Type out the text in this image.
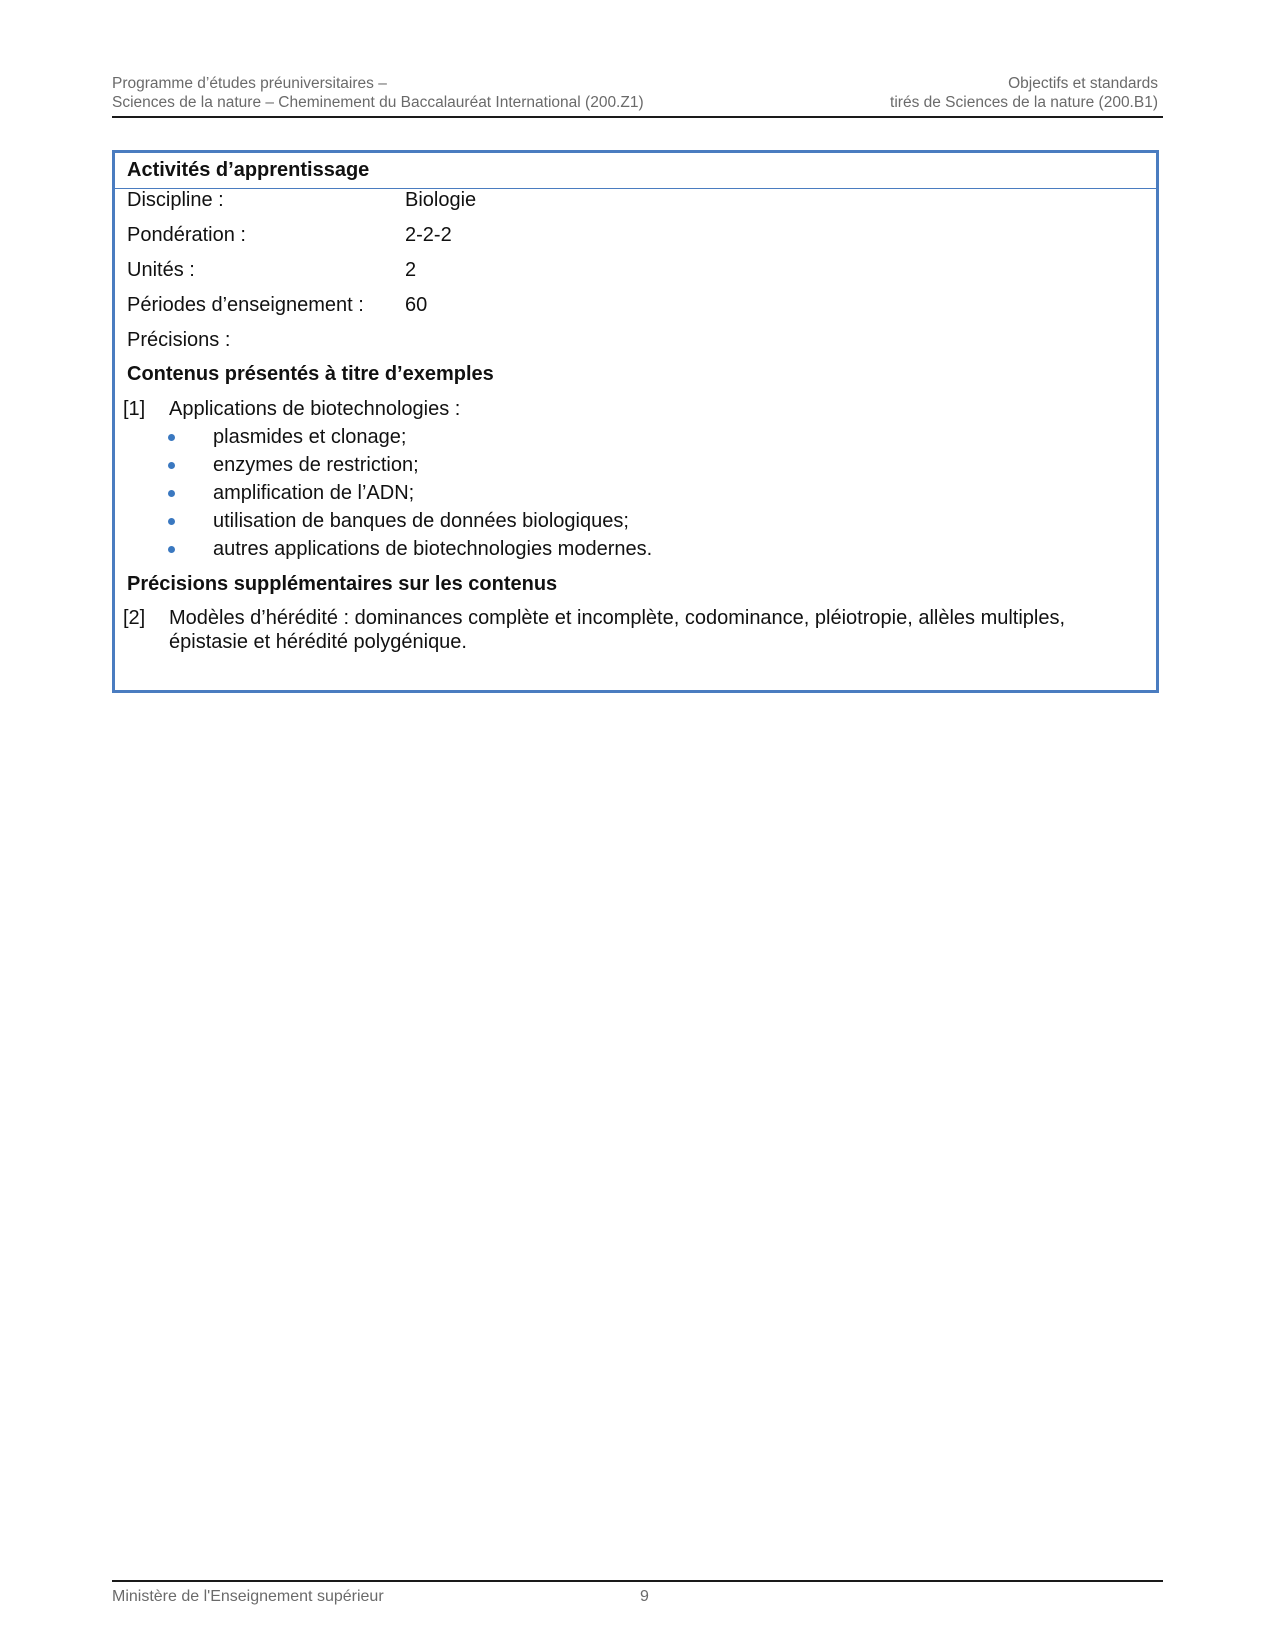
Programme d’études préuniversitaires –
Sciences de la nature – Cheminement du Baccalauréat International (200.Z1)
Objectifs et standards
tirés de Sciences de la nature (200.B1)
Activités d’apprentissage
Discipline :	Biologie
Pondération :	2-2-2
Unités :	2
Périodes d’enseignement : 60
Précisions :
Contenus présentés à titre d’exemples
[1] Applications de biotechnologies :
plasmides et clonage;
enzymes de restriction;
amplification de l’ADN;
utilisation de banques de données biologiques;
autres applications de biotechnologies modernes.
Précisions supplémentaires sur les contenus
[2] Modèles d’hérédité : dominances complète et incomplète, codominance, pléiotropie, allèles multiples, épistasie et hérédité polygénique.
Ministère de l'Enseignement supérieur	9
